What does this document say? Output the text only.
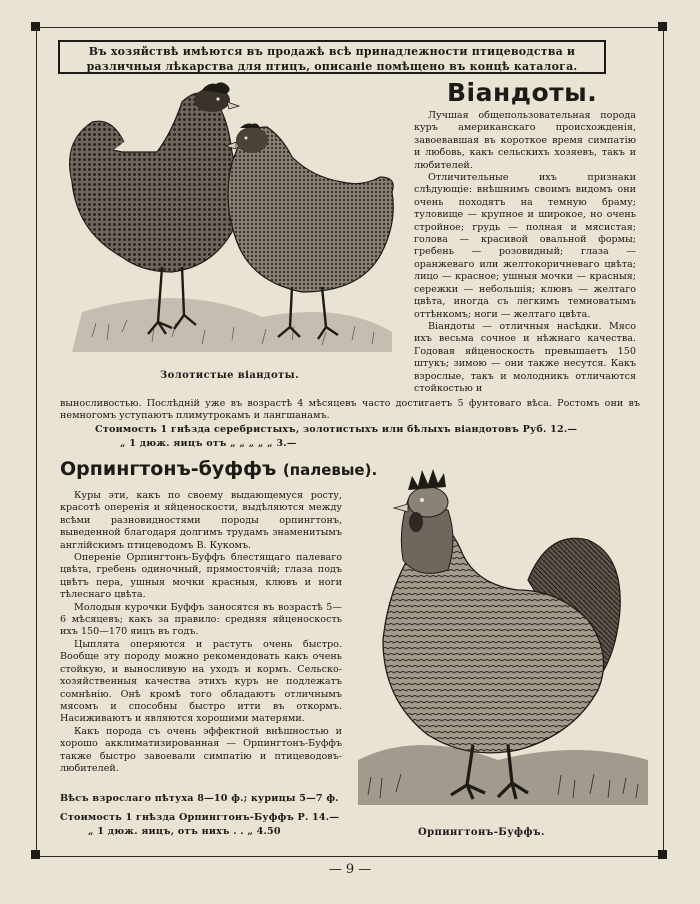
Въ хозяйствѣ имѣются въ продажѣ всѣ принадлежности птицеводства и
различныя лѣкарства для птицъ, описаніе помѣщено въ концѣ каталога.
Віандоты.

Лучшая общепользовательная порода куръ американскаго происхожденія, завоевавшая въ короткое время симпатію и любовь, какъ сельскихъ хозяевъ, такъ и любителей.

Отличительные ихъ признаки слѣдующіе: внѣшнимъ своимъ видомъ они очень походятъ на темную браму; туловище — крупное и широкое, но очень стройное; грудь — полная и мясистая; голова — красивой овальной формы; гребень — розовидный; глаза — оранжеваго или желтокоричневаго цвѣта; лицо — красное; ушныя мочки — красныя; сережки — небольшія; клювъ — желтаго цвѣта, иногда съ легкимъ темноватымъ оттѣнкомъ; ноги — желтаго цвѣта.

Віандоты — отличныя насѣдки. Мясо ихъ весьма сочное и нѣжнаго качества. Годовая яйценоскость превышаетъ 150 штукъ; зимою — они также несутся. Какъ взрослые, такъ и молодникъ отличаются стойкостью и

Золотистые віандоты.
выносливостью. Послѣдній уже въ возрастѣ 4 мѣсяцевъ часто достигаетъ 5 фунтоваго вѣса. Ростомъ они въ немногомъ уступаютъ плимутрокамъ и лангшанамъ.
Стоимость 1 гнѣзда серебристыхъ, золотистыхъ или бѣлыхъ віандотовъ Руб. 12.—
„ 1 дюж. яицъ отъ „ „ „ „ „ 3.—
Орпингтонъ-буффъ (палевые).

Куры эти, какъ по своему выдающемуся росту, красотѣ оперенія и яйценоскости, выдѣляются между всѣми разновидностями породы орпингтонъ, выведенной благодаря долгимъ трудамъ знаменитымъ англійскимъ птицеводомъ В. Кукомъ.

Опереніе Орпингтонъ-Буффъ блестящаго палеваго цвѣта, гребень одиночный, прямостоячій; глаза подъ цвѣтъ пера, ушныя мочки красныя, клювъ и ноги тѣлеснаго цвѣта.

Молодыя курочки Буффъ заносятся въ возрастѣ 5—6 мѣсяцевъ; какъ за правило: средняя яйценоскость ихъ 150—170 яицъ въ годъ.

Цыплята оперяются и растутъ очень быстро. Вообще эту породу можно рекомендовать какъ очень стойкую, и выносливую на уходъ и кормъ. Сельско-хозяйственныя качества этихъ куръ не подлежатъ сомнѣнію. Онѣ кромѣ того обладаютъ отличнымъ мясомъ и способны быстро итти въ откормъ. Насиживаютъ и являются хорошими матерями.

Какъ порода съ очень эффектной внѣшностью и хорошо акклиматизированная — Орпингтонъ-Буффъ также быстро завоевали симпатію и птицеводовъ-любителей.

Вѣсъ взрослаго пѣтуха 8—10 ф.; курицы 5—7 ф.
Стоимость 1 гнѣзда Орпингтонъ-Буффъ Р. 14.—
„ 1 дюж. яицъ, отъ нихъ . . „ 4.50	Орпингтонъ-Буффъ.
— 9 —
